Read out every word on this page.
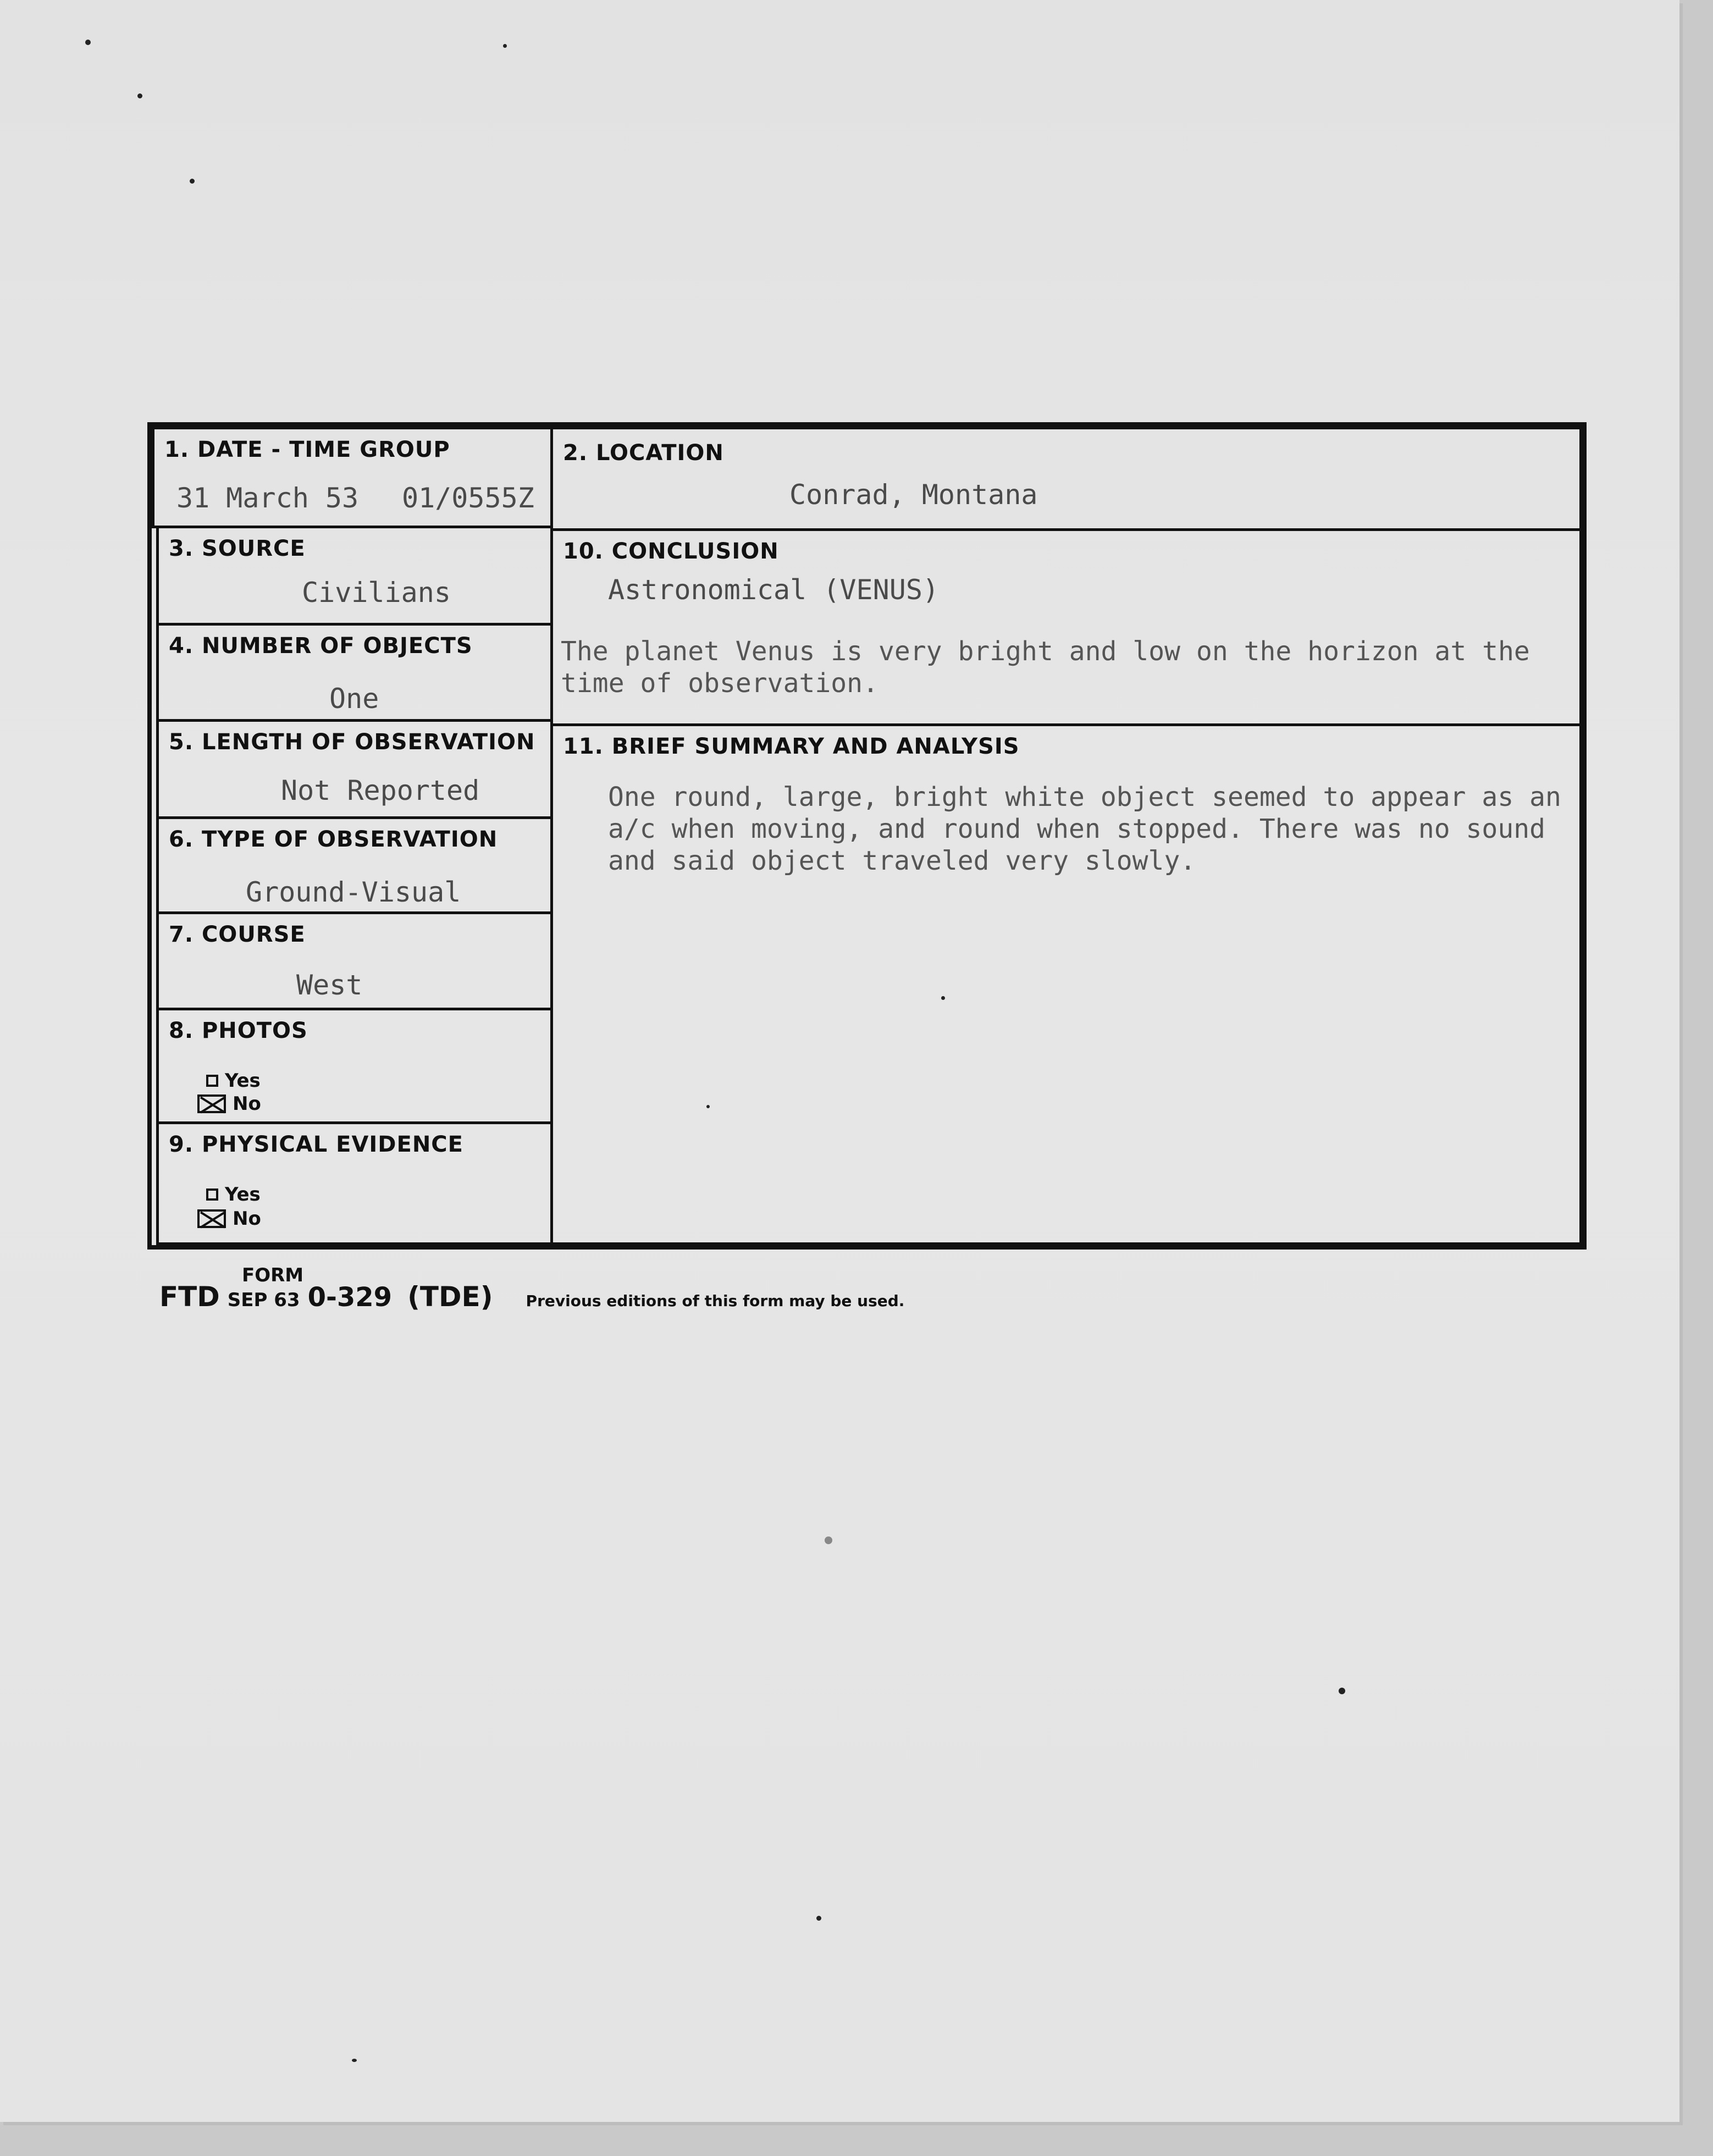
1. DATE - TIME GROUP
31 March 53 01/0555Z
3. SOURCE
Civilians
4. NUMBER OF OBJECTS
One
5. LENGTH OF OBSERVATION
Not Reported
6. TYPE OF OBSERVATION
Ground-Visual
7. COURSE
West
8. PHOTOS
Yes
No
9. PHYSICAL EVIDENCE
Yes
No
2. LOCATION
Conrad, Montana
10. CONCLUSION
Astronomical (VENUS)
The planet Venus is very bright and low on the horizon at the
time of observation.
11. BRIEF SUMMARY AND ANALYSIS
One round, large, bright white object seemed to appear as an
a/c when moving, and round when stopped. There was no sound
and said object traveled very slowly.
FORM
FTD SEP 63 0-329 (TDE) Previous editions of this form may be used.
